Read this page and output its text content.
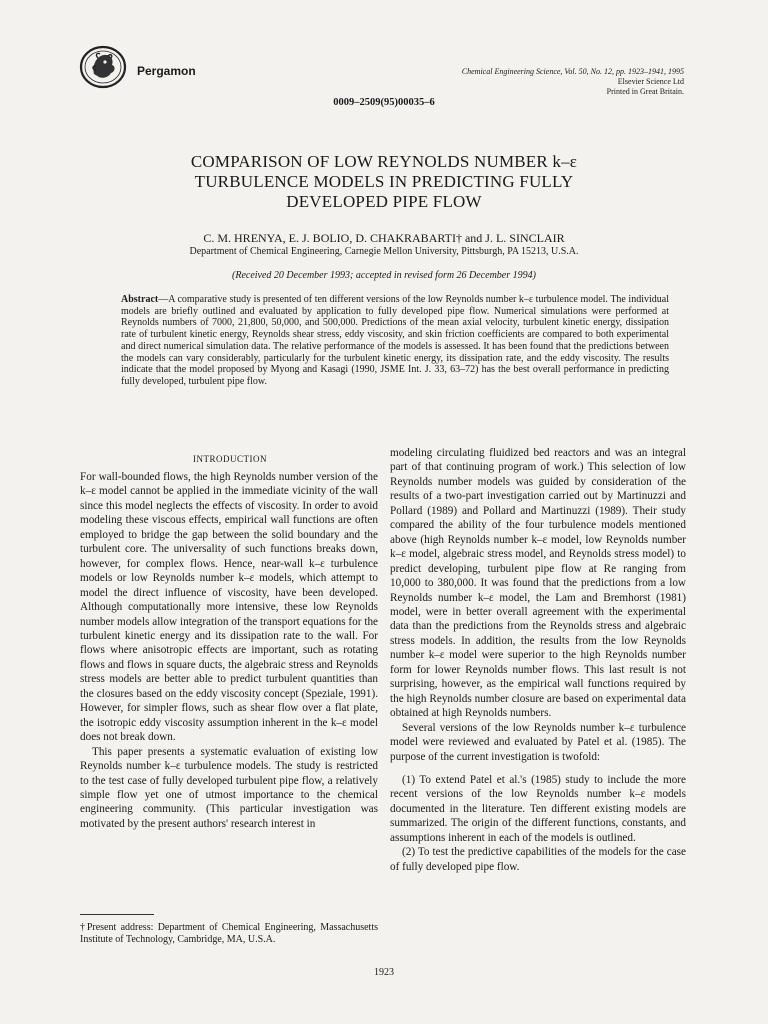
Pergamon	Chemical Engineering Science, Vol. 50, No. 12, pp. 1923–1941, 1995
Elsevier Science Ltd
Printed in Great Britain.
0009–2509(95)00035–6
COMPARISON OF LOW REYNOLDS NUMBER k–ε
TURBULENCE MODELS IN PREDICTING FULLY
DEVELOPED PIPE FLOW
C. M. HRENYA, E. J. BOLIO, D. CHAKRABARTI† and J. L. SINCLAIR
Department of Chemical Engineering, Carnegie Mellon University, Pittsburgh, PA 15213, U.S.A.
(Received 20 December 1993; accepted in revised form 26 December 1994)
Abstract—A comparative study is presented of ten different versions of the low Reynolds number k–ε turbulence model. The individual models are briefly outlined and evaluated by application to fully developed pipe flow. Numerical simulations were performed at Reynolds numbers of 7000, 21,800, 50,000, and 500,000. Predictions of the mean axial velocity, turbulent kinetic energy, dissipation rate of turbulent kinetic energy, Reynolds shear stress, eddy viscosity, and skin friction coefficients are compared to both experimental and direct numerical simulation data. The relative performance of the models is assessed. It has been found that the predictions between the models can vary considerably, particularly for the turbulent kinetic energy, its dissipation rate, and the eddy viscosity. The results indicate that the model proposed by Myong and Kasagi (1990, JSME Int. J. 33, 63–72) has the best overall performance in predicting fully developed, turbulent pipe flow.
INTRODUCTION

For wall-bounded flows, the high Reynolds number version of the k–ε model cannot be applied in the immediate vicinity of the wall since this model neglects the effects of viscosity. In order to avoid modeling these viscous effects, empirical wall functions are often employed to bridge the gap between the solid boundary and the turbulent core. The universality of such functions breaks down, however, for complex flows. Hence, near-wall k–ε turbulence models or low Reynolds number k–ε models, which attempt to model the direct influence of viscosity, have been developed. Although computationally more intensive, these low Reynolds number models allow integration of the transport equations for the turbulent kinetic energy and its dissipation rate to the wall. For flows where anisotropic effects are important, such as rotating flows and flows in square ducts, the algebraic stress and Reynolds stress models are better able to predict turbulent quantities than the closures based on the eddy viscosity concept (Speziale, 1991). However, for simpler flows, such as shear flow over a flat plate, the isotropic eddy viscosity assumption inherent in the k–ε model does not break down.

This paper presents a systematic evaluation of existing low Reynolds number k–ε turbulence models. The study is restricted to the test case of fully developed turbulent pipe flow, a relatively simple flow yet one of utmost importance to the chemical engineering community. (This particular investigation was motivated by the present authors' research interest in

modeling circulating fluidized bed reactors and was an integral part of that continuing program of work.) This selection of low Reynolds number models was guided by consideration of the results of a two-part investigation carried out by Martinuzzi and Pollard (1989) and Pollard and Martinuzzi (1989). Their study compared the ability of the four turbulence models mentioned above (high Reynolds number k–ε model, low Reynolds number k–ε model, algebraic stress model, and Reynolds stress model) to predict developing, turbulent pipe flow at Re ranging from 10,000 to 380,000. It was found that the predictions from a low Reynolds number k–ε model, the Lam and Bremhorst (1981) model, were in better overall agreement with the experimental data than the predictions from the Reynolds stress and algebraic stress models. In addition, the results from the low Reynolds number k–ε model were superior to the high Reynolds number form for lower Reynolds number flows. This last result is not surprising, however, as the empirical wall functions required by the high Reynolds number closure are based on experimental data obtained at high Reynolds numbers.

Several versions of the low Reynolds number k–ε turbulence model were reviewed and evaluated by Patel et al. (1985). The purpose of the current investigation is twofold:

(1) To extend Patel et al.'s (1985) study to include the more recent versions of the low Reynolds number k–ε models documented in the literature. Ten different existing models are summarized. The origin of the different functions, constants, and assumptions inherent in each of the models is outlined.

(2) To test the predictive capabilities of the models for the case of fully developed pipe flow.

†Present address: Department of Chemical Engineering, Massachusetts Institute of Technology, Cambridge, MA, U.S.A.
1923
